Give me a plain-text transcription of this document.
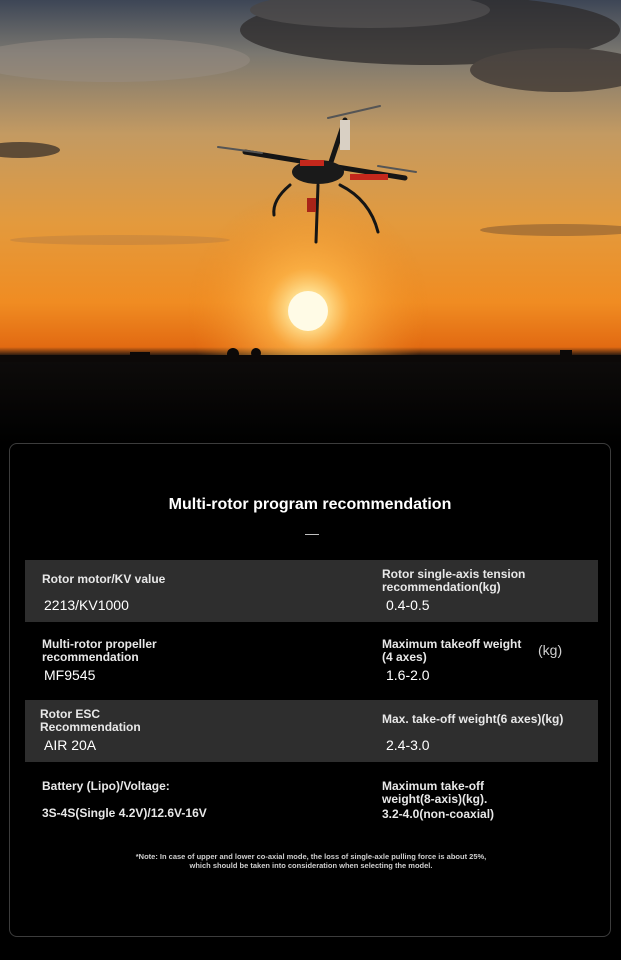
Multi-rotor program recommendation
Rotor motor/KV value
2213/KV1000
Rotor single-axis tension recommendation(kg)
0.4-0.5
Multi-rotor propeller recommendation
MF9545
Maximum takeoff weight (4 axes)	(kg)
1.6-2.0
Rotor ESC Recommendation
AIR 20A
Max. take-off weight(6 axes)(kg)
2.4-3.0
Battery (Lipo)/Voltage:
3S-4S(Single 4.2V)/12.6V-16V
Maximum take-off weight(8-axis)(kg).
3.2-4.0(non-coaxial)
*Note: In case of upper and lower co-axial mode, the loss of single-axle pulling force is about 25%, which should be taken into consideration when selecting the model.
